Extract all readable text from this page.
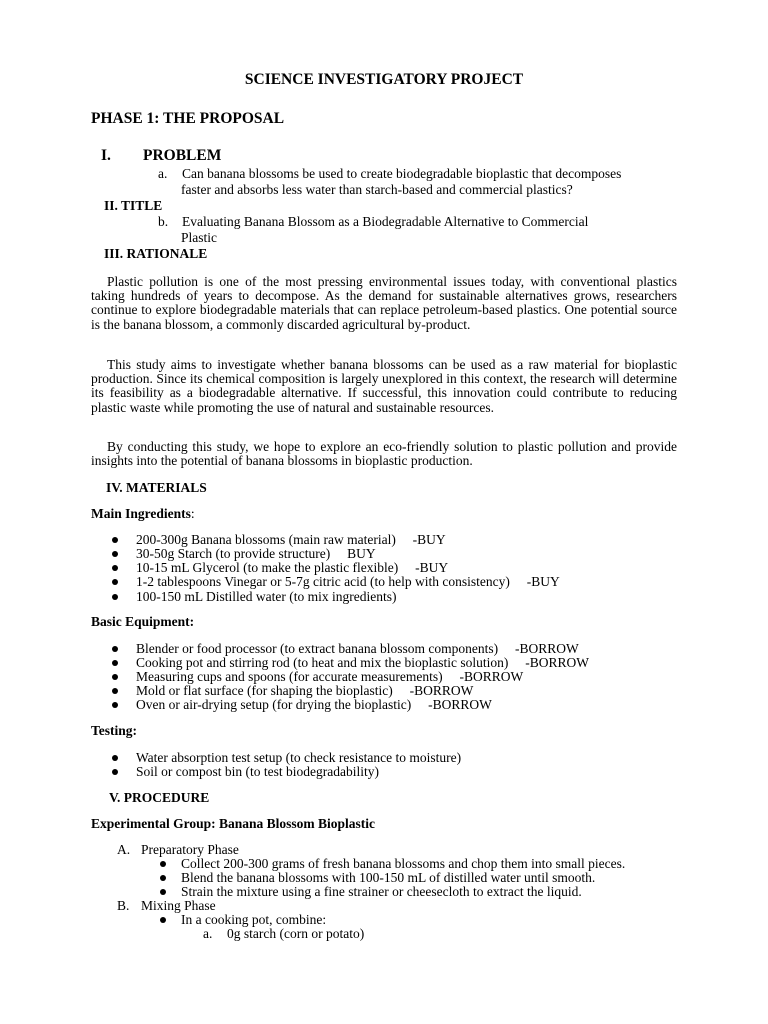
SCIENCE INVESTIGATORY PROJECT
PHASE 1: THE PROPOSAL
I. PROBLEM
a. Can banana blossoms be used to create biodegradable bioplastic that decomposes
faster and absorbs less water than starch-based and commercial plastics?
II. TITLE
b. Evaluating Banana Blossom as a Biodegradable Alternative to Commercial
Plastic
III. RATIONALE
Plastic pollution is one of the most pressing environmental issues today, with conventional plastics taking hundreds of years to decompose. As the demand for sustainable alternatives grows, researchers continue to explore biodegradable materials that can replace petroleum-based plastics. One potential source is the banana blossom, a commonly discarded agricultural by-product.
This study aims to investigate whether banana blossoms can be used as a raw material for bioplastic production. Since its chemical composition is largely unexplored in this context, the research will determine its feasibility as a biodegradable alternative. If successful, this innovation could contribute to reducing plastic waste while promoting the use of natural and sustainable resources.
By conducting this study, we hope to explore an eco-friendly solution to plastic pollution and provide insights into the potential of banana blossoms in bioplastic production.
IV. MATERIALS
Main Ingredients:
200-300g Banana blossoms (main raw material)     -BUY
30-50g Starch (to provide structure)     BUY
10-15 mL Glycerol (to make the plastic flexible)     -BUY
1-2 tablespoons Vinegar or 5-7g citric acid (to help with consistency)     -BUY
100-150 mL Distilled water (to mix ingredients)
Basic Equipment:
Blender or food processor (to extract banana blossom components)     -BORROW
Cooking pot and stirring rod (to heat and mix the bioplastic solution)     -BORROW
Measuring cups and spoons (for accurate measurements)     -BORROW
Mold or flat surface (for shaping the bioplastic)     -BORROW
Oven or air-drying setup (for drying the bioplastic)     -BORROW
Testing:
Water absorption test setup (to check resistance to moisture)
Soil or compost bin (to test biodegradability)
V. PROCEDURE
Experimental Group: Banana Blossom Bioplastic
A. Preparatory Phase
Collect 200-300 grams of fresh banana blossoms and chop them into small pieces.
Blend the banana blossoms with 100-150 mL of distilled water until smooth.
Strain the mixture using a fine strainer or cheesecloth to extract the liquid.
B. Mixing Phase
In a cooking pot, combine:
a. 0g starch (corn or potato)
